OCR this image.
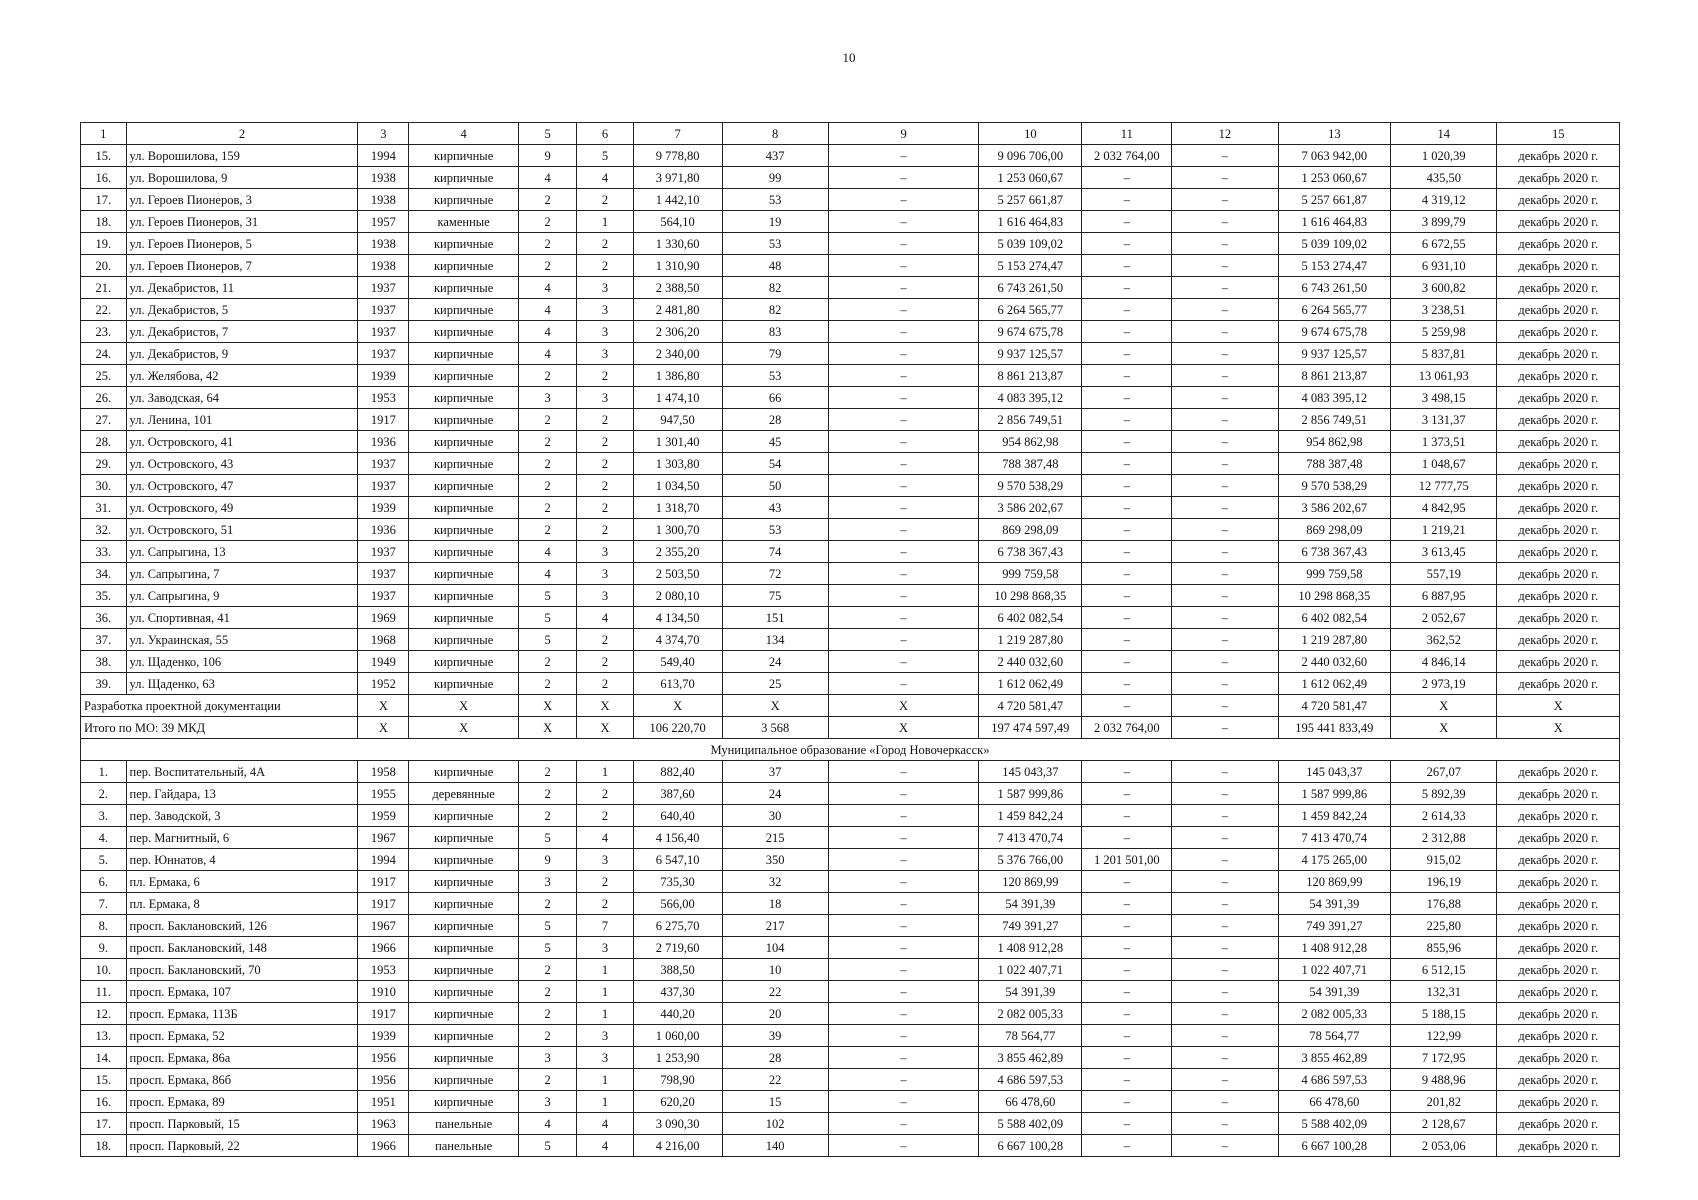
10
1	2	3	4	5	6	7	8	9	10	11	12	13	14	15
15.	ул. Ворошилова, 159	1994	кирпичные	9	5	9 778,80	437	–	9 096 706,00	2 032 764,00	–	7 063 942,00	1 020,39	декабрь 2020 г.
16.	ул. Ворошилова, 9	1938	кирпичные	4	4	3 971,80	99	–	1 253 060,67	–	–	1 253 060,67	435,50	декабрь 2020 г.
17.	ул. Героев Пионеров, 3	1938	кирпичные	2	2	1 442,10	53	–	5 257 661,87	–	–	5 257 661,87	4 319,12	декабрь 2020 г.
18.	ул. Героев Пионеров, 31	1957	каменные	2	1	564,10	19	–	1 616 464,83	–	–	1 616 464,83	3 899,79	декабрь 2020 г.
19.	ул. Героев Пионеров, 5	1938	кирпичные	2	2	1 330,60	53	–	5 039 109,02	–	–	5 039 109,02	6 672,55	декабрь 2020 г.
20.	ул. Героев Пионеров, 7	1938	кирпичные	2	2	1 310,90	48	–	5 153 274,47	–	–	5 153 274,47	6 931,10	декабрь 2020 г.
21.	ул. Декабристов, 11	1937	кирпичные	4	3	2 388,50	82	–	6 743 261,50	–	–	6 743 261,50	3 600,82	декабрь 2020 г.
22.	ул. Декабристов, 5	1937	кирпичные	4	3	2 481,80	82	–	6 264 565,77	–	–	6 264 565,77	3 238,51	декабрь 2020 г.
23.	ул. Декабристов, 7	1937	кирпичные	4	3	2 306,20	83	–	9 674 675,78	–	–	9 674 675,78	5 259,98	декабрь 2020 г.
24.	ул. Декабристов, 9	1937	кирпичные	4	3	2 340,00	79	–	9 937 125,57	–	–	9 937 125,57	5 837,81	декабрь 2020 г.
25.	ул. Желябова, 42	1939	кирпичные	2	2	1 386,80	53	–	8 861 213,87	–	–	8 861 213,87	13 061,93	декабрь 2020 г.
26.	ул. Заводская, 64	1953	кирпичные	3	3	1 474,10	66	–	4 083 395,12	–	–	4 083 395,12	3 498,15	декабрь 2020 г.
27.	ул. Ленина, 101	1917	кирпичные	2	2	947,50	28	–	2 856 749,51	–	–	2 856 749,51	3 131,37	декабрь 2020 г.
28.	ул. Островского, 41	1936	кирпичные	2	2	1 301,40	45	–	954 862,98	–	–	954 862,98	1 373,51	декабрь 2020 г.
29.	ул. Островского, 43	1937	кирпичные	2	2	1 303,80	54	–	788 387,48	–	–	788 387,48	1 048,67	декабрь 2020 г.
30.	ул. Островского, 47	1937	кирпичные	2	2	1 034,50	50	–	9 570 538,29	–	–	9 570 538,29	12 777,75	декабрь 2020 г.
31.	ул. Островского, 49	1939	кирпичные	2	2	1 318,70	43	–	3 586 202,67	–	–	3 586 202,67	4 842,95	декабрь 2020 г.
32.	ул. Островского, 51	1936	кирпичные	2	2	1 300,70	53	–	869 298,09	–	–	869 298,09	1 219,21	декабрь 2020 г.
33.	ул. Сапрыгина, 13	1937	кирпичные	4	3	2 355,20	74	–	6 738 367,43	–	–	6 738 367,43	3 613,45	декабрь 2020 г.
34.	ул. Сапрыгина, 7	1937	кирпичные	4	3	2 503,50	72	–	999 759,58	–	–	999 759,58	557,19	декабрь 2020 г.
35.	ул. Сапрыгина, 9	1937	кирпичные	5	3	2 080,10	75	–	10 298 868,35	–	–	10 298 868,35	6 887,95	декабрь 2020 г.
36.	ул. Спортивная, 41	1969	кирпичные	5	4	4 134,50	151	–	6 402 082,54	–	–	6 402 082,54	2 052,67	декабрь 2020 г.
37.	ул. Украинская, 55	1968	кирпичные	5	2	4 374,70	134	–	1 219 287,80	–	–	1 219 287,80	362,52	декабрь 2020 г.
38.	ул. Щаденко, 106	1949	кирпичные	2	2	549,40	24	–	2 440 032,60	–	–	2 440 032,60	4 846,14	декабрь 2020 г.
39.	ул. Щаденко, 63	1952	кирпичные	2	2	613,70	25	–	1 612 062,49	–	–	1 612 062,49	2 973,19	декабрь 2020 г.
Разработка проектной документации		X	X	X	X	X	X	X	4 720 581,47	–	–	4 720 581,47	X	X
Итого по МО: 39 МКД		X	X	X	X	106 220,70	3 568	X	197 474 597,49	2 032 764,00	–	195 441 833,49	X	X
Муниципальное образование «Город Новочеркасск»														
1.	пер. Воспитательный, 4А	1958	кирпичные	2	1	882,40	37	–	145 043,37	–	–	145 043,37	267,07	декабрь 2020 г.
2.	пер. Гайдара, 13	1955	деревянные	2	2	387,60	24	–	1 587 999,86	–	–	1 587 999,86	5 892,39	декабрь 2020 г.
3.	пер. Заводской, 3	1959	кирпичные	2	2	640,40	30	–	1 459 842,24	–	–	1 459 842,24	2 614,33	декабрь 2020 г.
4.	пер. Магнитный, 6	1967	кирпичные	5	4	4 156,40	215	–	7 413 470,74	–	–	7 413 470,74	2 312,88	декабрь 2020 г.
5.	пер. Юннатов, 4	1994	кирпичные	9	3	6 547,10	350	–	5 376 766,00	1 201 501,00	–	4 175 265,00	915,02	декабрь 2020 г.
6.	пл. Ермака, 6	1917	кирпичные	3	2	735,30	32	–	120 869,99	–	–	120 869,99	196,19	декабрь 2020 г.
7.	пл. Ермака, 8	1917	кирпичные	2	2	566,00	18	–	54 391,39	–	–	54 391,39	176,88	декабрь 2020 г.
8.	просп. Баклановский, 126	1967	кирпичные	5	7	6 275,70	217	–	749 391,27	–	–	749 391,27	225,80	декабрь 2020 г.
9.	просп. Баклановский, 148	1966	кирпичные	5	3	2 719,60	104	–	1 408 912,28	–	–	1 408 912,28	855,96	декабрь 2020 г.
10.	просп. Баклановский, 70	1953	кирпичные	2	1	388,50	10	–	1 022 407,71	–	–	1 022 407,71	6 512,15	декабрь 2020 г.
11.	просп. Ермака, 107	1910	кирпичные	2	1	437,30	22	–	54 391,39	–	–	54 391,39	132,31	декабрь 2020 г.
12.	просп. Ермака, 113Б	1917	кирпичные	2	1	440,20	20	–	2 082 005,33	–	–	2 082 005,33	5 188,15	декабрь 2020 г.
13.	просп. Ермака, 52	1939	кирпичные	2	3	1 060,00	39	–	78 564,77	–	–	78 564,77	122,99	декабрь 2020 г.
14.	просп. Ермака, 86а	1956	кирпичные	3	3	1 253,90	28	–	3 855 462,89	–	–	3 855 462,89	7 172,95	декабрь 2020 г.
15.	просп. Ермака, 86б	1956	кирпичные	2	1	798,90	22	–	4 686 597,53	–	–	4 686 597,53	9 488,96	декабрь 2020 г.
16.	просп. Ермака, 89	1951	кирпичные	3	1	620,20	15	–	66 478,60	–	–	66 478,60	201,82	декабрь 2020 г.
17.	просп. Парковый, 15	1963	панельные	4	4	3 090,30	102	–	5 588 402,09	–	–	5 588 402,09	2 128,67	декабрь 2020 г.
18.	просп. Парковый, 22	1966	панельные	5	4	4 216,00	140	–	6 667 100,28	–	–	6 667 100,28	2 053,06	декабрь 2020 г.
